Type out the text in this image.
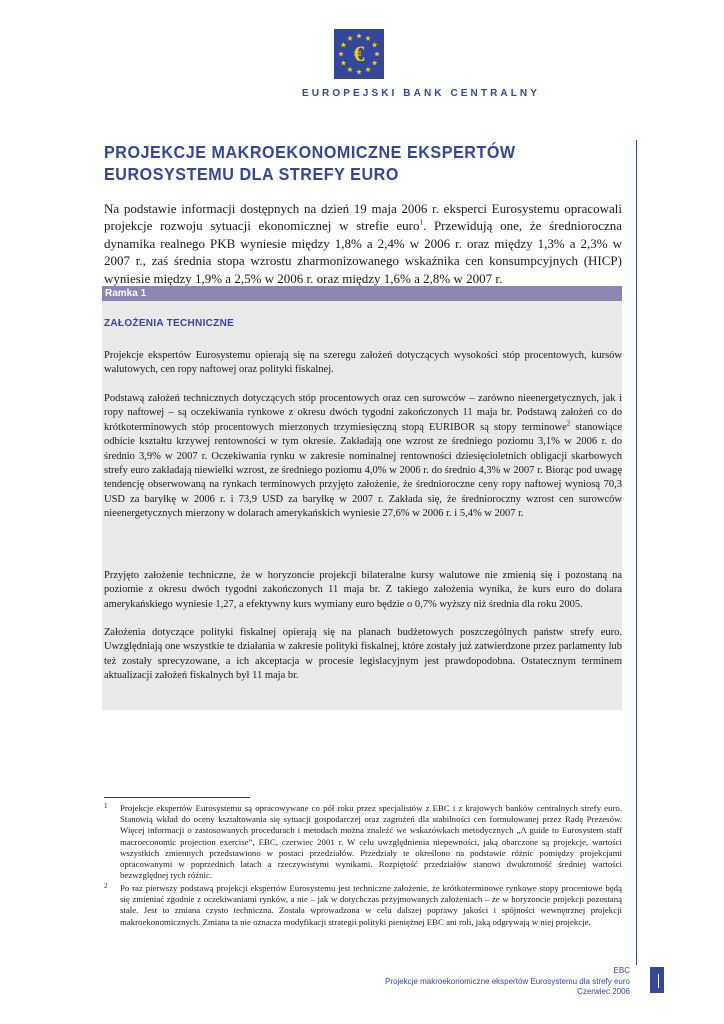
€
EUROPEJSKI BANK CENTRALNY
PROJEKCJE MAKROEKONOMICZNE EKSPERTÓW EUROSYSTEMU DLA STREFY EURO

Na podstawie informacji dostępnych na dzień 19 maja 2006 r. eksperci Eurosystemu opracowali projekcje rozwoju sytuacji ekonomicznej w strefie euro$^1$. Przewidują one, że średnioroczna dynamika realnego PKB wyniesie między 1,8% a 2,4% w 2006 r. oraz między 1,3% a 2,3% w 2007 r., zaś średnia stopa wzrostu zharmonizowanego wskaźnika cen konsumpcyjnych (HICP) wyniesie między 1,9% a 2,5% w 2006 r. oraz między 1,6% a 2,8% w 2007 r.

Ramka 1
ZAŁOŻENIA TECHNICZNE

Projekcje ekspertów Eurosystemu opierają się na szeregu założeń dotyczących wysokości stóp procentowych, kursów walutowych, cen ropy naftowej oraz polityki fiskalnej.

Podstawą założeń technicznych dotyczących stóp procentowych oraz cen surowców – zarówno nieenergetycznych, jak i ropy naftowej – są oczekiwania rynkowe z okresu dwóch tygodni zakończonych 11 maja br. Podstawą założeń co do krótkoterminowych stóp procentowych mierzonych trzymiesięczną stopą EURIBOR są stopy terminowe$^2$ stanowiące odbicie kształtu krzywej rentowności w tym okresie. Zakładają one wzrost ze średniego poziomu 3,1% w 2006 r. do średnio 3,9% w 2007 r. Oczekiwania rynku w zakresie nominalnej rentowności dziesięcioletnich obligacji skarbowych strefy euro zakładają niewielki wzrost, ze średniego poziomu 4,0% w 2006 r. do średnio 4,3% w 2007 r. Biorąc pod uwagę tendencję obserwowaną na rynkach terminowych przyjęto założenie, że średnioroczne ceny ropy naftowej wyniosą 70,3 USD za baryłkę w 2006 r. i 73,9 USD za baryłkę w 2007 r. Zakłada się, że średnioroczny wzrost cen surowców nieenergetycznych mierzony w dolarach amerykańskich wyniesie 27,6% w 2006 r. i 5,4% w 2007 r.

Przyjęto założenie techniczne, że w horyzoncie projekcji bilateralne kursy walutowe nie zmienią się i pozostaną na poziomie z okresu dwóch tygodni zakończonych 11 maja br. Z takiego założenia wynika, że kurs euro do dolara amerykańskiego wyniesie 1,27, a efektywny kurs wymiany euro będzie o 0,7% wyższy niż średnia dla roku 2005.

Założenia dotyczące polityki fiskalnej opierają się na planach budżetowych poszczególnych państw strefy euro. Uwzględniają one wszystkie te działania w zakresie polityki fiskalnej, które zostały już zatwierdzone przez parlamenty lub też zostały sprecyzowane, a ich akceptacja w procesie legislacyjnym jest prawdopodobna. Ostatecznym terminem aktualizacji założeń fiskalnych był 11 maja br.

1 Projekcje ekspertów Eurosystemu są opracowywane co pół roku przez specjalistów z EBC i z krajowych banków centralnych strefy euro. Stanowią wkład do oceny kształtowania się sytuacji gospodarczej oraz zagrożeń dla stabilności cen formułowanej przez Radę Prezesów. Więcej informacji o zastosowanych procedurach i metodach można znaleźć we wskazówkach metodycznych „A guide to Eurosystem staff macroeconomic projection exercise”, EBC, czerwiec 2001 r. W celu uwzględnienia niepewności, jaką obarczone są projekcje, wartości wszystkich zmiennych przedstawiono w postaci przedziałów. Przedziały te określono na podstawie różnic pomiędzy projekcjami opracowanymi w poprzednich latach a rzeczywistymi wynikami. Rozpiętość przedziałów stanowi dwukrotność średniej wartości bezwzględnej tych różnic.
2 Po raz pierwszy podstawą projekcji ekspertów Eurosystemu jest techniczne założenie, że krótkoterminowe rynkowe stopy procentowe będą się zmieniać zgodnie z oczekiwaniami rynków, a nie – jak w dotychczas przyjmowanych założeniach – że w horyzoncie projekcji pozostaną stałe. Jest to zmiana czysto techniczna. Została wprowadzona w celu dalszej poprawy jakości i spójności wewnętrznej projekcji makroekonomicznych. Zmiana ta nie oznacza modyfikacji strategii polityki pieniężnej EBC ani roli, jaką odgrywają w niej projekcje.
EBC
Projekcje makroekonomiczne ekspertów Eurosystemu dla strefy euro
Czerwiec 2006
